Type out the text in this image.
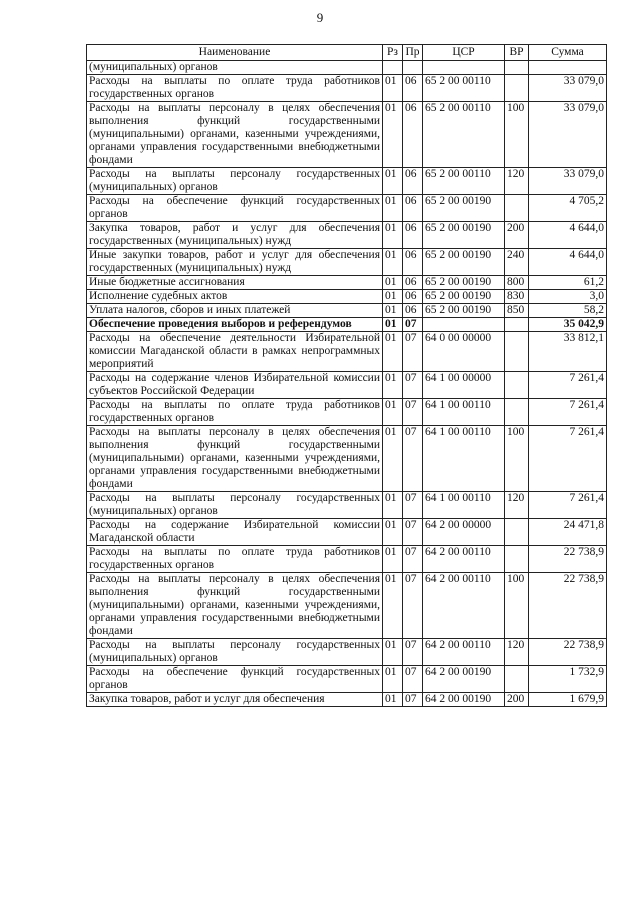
9
Наименование	Рз	Пр	ЦСР	ВР	Сумма
(муниципальных) органов					
Расходы на выплаты по оплате труда работников государственных органов	01	06	65 2 00 00110		33 079,0
Расходы на выплаты персоналу в целях обеспечения выполнения функций государственными (муниципальными) органами, казенными учреждениями, органами управления государственными внебюджетными фондами	01	06	65 2 00 00110	100	33 079,0
Расходы на выплаты персоналу государственных (муниципальных) органов	01	06	65 2 00 00110	120	33 079,0
Расходы на обеспечение функций государственных органов	01	06	65 2 00 00190		4 705,2
Закупка товаров, работ и услуг для обеспечения государственных (муниципальных) нужд	01	06	65 2 00 00190	200	4 644,0
Иные закупки товаров, работ и услуг для обеспечения государственных (муниципальных) нужд	01	06	65 2 00 00190	240	4 644,0
Иные бюджетные ассигнования	01	06	65 2 00 00190	800	61,2
Исполнение судебных актов	01	06	65 2 00 00190	830	3,0
Уплата налогов, сборов и иных платежей	01	06	65 2 00 00190	850	58,2
Обеспечение проведения выборов и референдумов	01	07			35 042,9
Расходы на обеспечение деятельности Избирательной комиссии Магаданской области в рамках непрограммных мероприятий	01	07	64 0 00 00000		33 812,1
Расходы на содержание членов Избирательной комиссии субъектов Российской Федерации	01	07	64 1 00 00000		7 261,4
Расходы на выплаты по оплате труда работников государственных органов	01	07	64 1 00 00110		7 261,4
Расходы на выплаты персоналу в целях обеспечения выполнения функций государственными (муниципальными) органами, казенными учреждениями, органами управления государственными внебюджетными фондами	01	07	64 1 00 00110	100	7 261,4
Расходы на выплаты персоналу государственных (муниципальных) органов	01	07	64 1 00 00110	120	7 261,4
Расходы на содержание Избирательной комиссии Магаданской области	01	07	64 2 00 00000		24 471,8
Расходы на выплаты по оплате труда работников государственных органов	01	07	64 2 00 00110		22 738,9
Расходы на выплаты персоналу в целях обеспечения выполнения функций государственными (муниципальными) органами, казенными учреждениями, органами управления государственными внебюджетными фондами	01	07	64 2 00 00110	100	22 738,9
Расходы на выплаты персоналу государственных (муниципальных) органов	01	07	64 2 00 00110	120	22 738,9
Расходы на обеспечение функций государственных органов	01	07	64 2 00 00190		1 732,9
Закупка товаров, работ и услуг для обеспечения	01	07	64 2 00 00190	200	1 679,9
